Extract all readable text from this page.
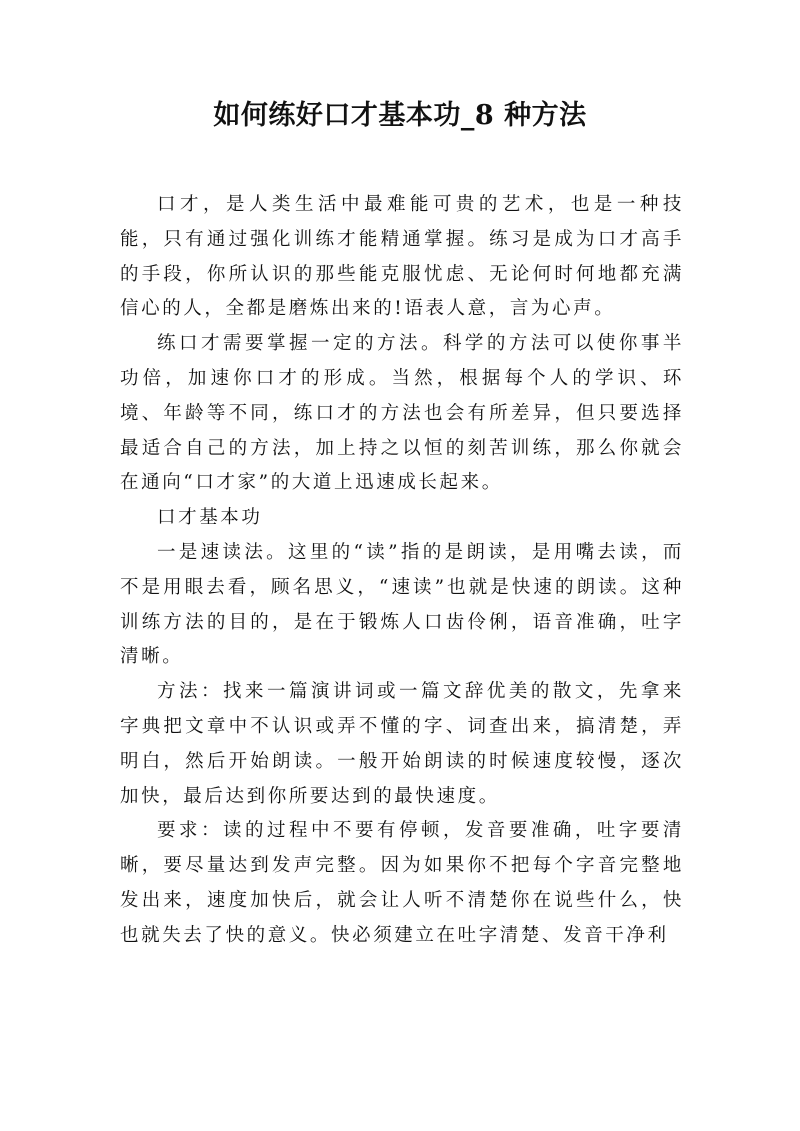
如何练好口才基本功_8 种方法

口才，是人类生活中最难能可贵的艺术，也是一种技能，只有通过强化训练才能精通掌握。练习是成为口才高手的手段，你所认识的那些能克服忧虑、无论何时何地都充满信心的人，全都是磨炼出来的!语表人意，言为心声。

练口才需要掌握一定的方法。科学的方法可以使你事半功倍，加速你口才的形成。当然，根据每个人的学识、环境、年龄等不同，练口才的方法也会有所差异，但只要选择最适合自己的方法，加上持之以恒的刻苦训练，那么你就会在通向“口才家”的大道上迅速成长起来。

口才基本功

一是速读法。这里的“读”指的是朗读，是用嘴去读，而不是用眼去看，顾名思义，“速读”也就是快速的朗读。这种训练方法的目的，是在于锻炼人口齿伶俐，语音准确，吐字清晰。

方法：找来一篇演讲词或一篇文辞优美的散文，先拿来字典把文章中不认识或弄不懂的字、词查出来，搞清楚，弄明白，然后开始朗读。一般开始朗读的时候速度较慢，逐次加快，最后达到你所要达到的最快速度。

要求：读的过程中不要有停顿，发音要准确，吐字要清晰，要尽量达到发声完整。因为如果你不把每个字音完整地发出来，速度加快后，就会让人听不清楚你在说些什么，快也就失去了快的意义。快必须建立在吐字清楚、发音干净利
